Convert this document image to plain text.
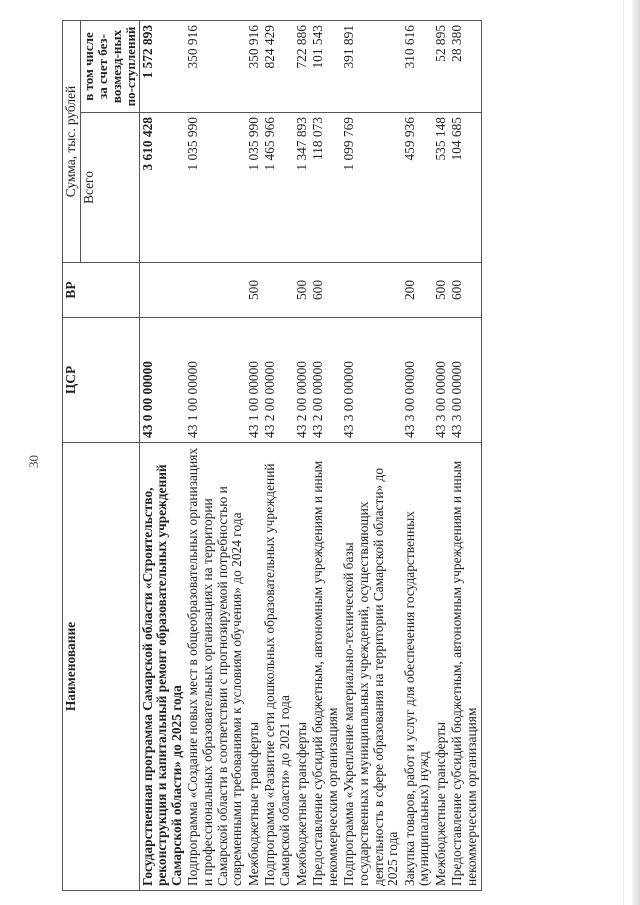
30
Наименование	ЦСР	ВР	Сумма, тыс. рублей	
			Всего	в том числе за счет без-возмезд-ных по-ступлений
Государственная программа Самарской области «Строительство, реконструкция и капитальный ремонт образовательных учреждений Самарской области» до 2025 года	43 0 00 00000		3 610 428	1 572 893
Подпрограмма «Создание новых мест в общеобразовательных организациях и профессиональных образовательных организациях на территории Самарской области в соответствии с прогнозируемой потребностью и современными требованиями к условиям обучения» до 2024 года	43 1 00 00000		1 035 990	350 916
Межбюджетные трансферты	43 1 00 00000	500	1 035 990	350 916
Подпрограмма «Развитие сети дошкольных образовательных учреждений Самарской области» до 2021 года	43 2 00 00000		1 465 966	824 429
Межбюджетные трансферты	43 2 00 00000	500	1 347 893	722 886
Предоставление субсидий бюджетным, автономным учреждениям и иным некоммерческим организациям	43 2 00 00000	600	118 073	101 543
Подпрограмма «Укрепление материально-технической базы государственных и муниципальных учреждений, осуществляющих деятельность в сфере образования на территории Самарской области» до 2025 года	43 3 00 00000		1 099 769	391 891
Закупка товаров, работ и услуг для обеспечения государственных (муниципальных) нужд	43 3 00 00000	200	459 936	310 616
Межбюджетные трансферты	43 3 00 00000	500	535 148	52 895
Предоставление субсидий бюджетным, автономным учреждениям и иным некоммерческим организациям	43 3 00 00000	600	104 685	28 380
